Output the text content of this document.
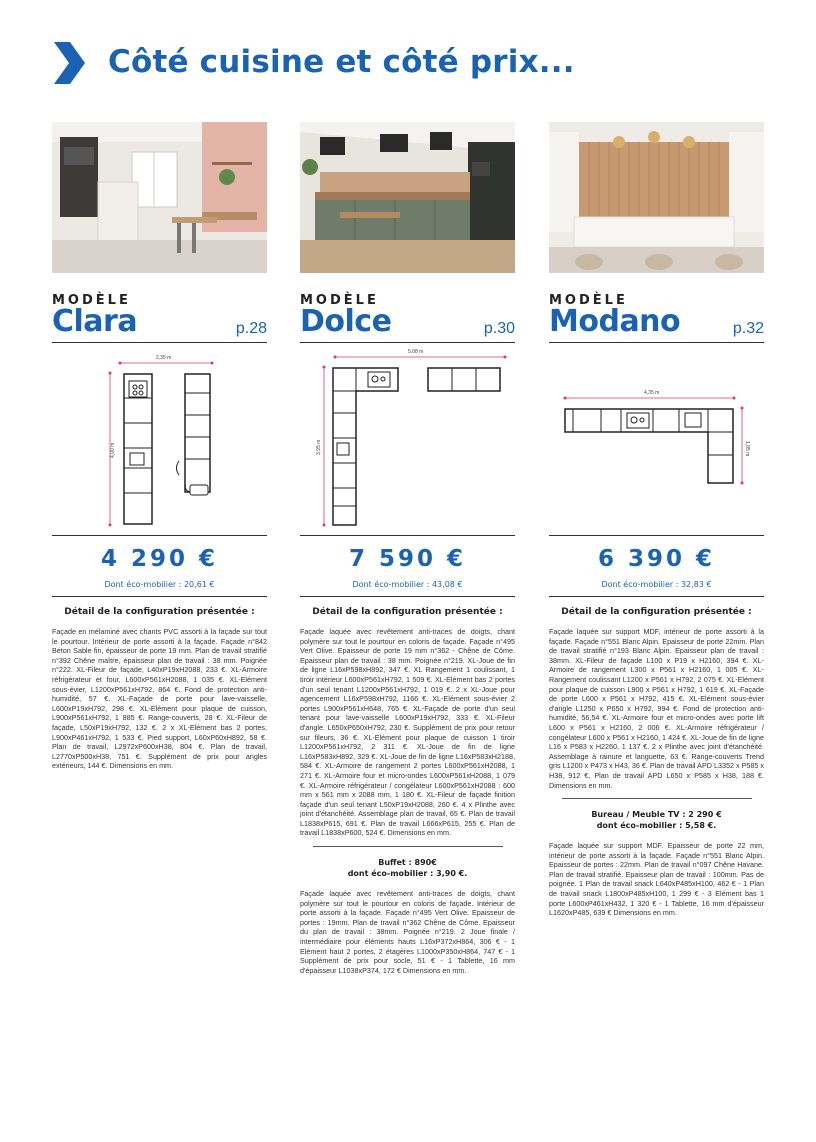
Côté cuisine et côté prix...
MODÈLE
Clara	p.28
2,35 m
4,00 m
4 290 €
Dont éco-mobilier : 20,61 €
Détail de la configuration présentée :
Façade en mélaminé avec chants PVC assorti à la façade sur tout le pourtour. Intérieur de porte assorti à la façade. Façade n°842 Béton Sable fin, épaisseur de porte 19 mm. Plan de travail stratifié n°392 Chêne maître, épaisseur plan de travail : 38 mm. Poignée n°222. XL-Fileur de façade, L40xP19xH2088, 233 €. XL-Armoire réfrigérateur et four, L600xP561xH2088, 1 035 €. XL-Elément sous-évier, L1200xP561xH792, 864 €. Fond de protection anti-humidité, 57 €. XL-Façade de porte pour lave-vaisselle, L600xP19xH792, 298 €. XL-Elément pour plaque de cuisson, L900xP561xH792, 1 885 €. Range-couverts, 28 €. XL-Fileur de façade, L50xP19xH792, 132 €. 2 x XL-Elément bas 2 portes, L900xP461xH792, 1 533 €. Pied support, L60xP60xH892, 58 €. Plan de travail, L2972xP600xH38, 804 €. Plan de travail, L2770xP500xH38, 751 €. Supplément de prix pour angles extérieurs, 144 €. Dimensions en mm.
MODÈLE
Dolce	p.30
5,08 m
3,95 m
7 590 €
Dont éco-mobilier : 43,08 €
Détail de la configuration présentée :
Façade laquée avec revêtement anti-traces de doigts, chant polymère sur tout le pourtour en coloris de façade. Façade n°495 Vert Olive. Epaisseur de porte 19 mm n°362 - Chêne de Côme. Epaisseur plan de travail : 38 mm. Poignée n°219. XL-Joue de fin de ligne L16xP598xH892, 347 €. XL Rangement 1 coulissant, 1 tiroir intérieur L600xP561xH792, 1 509 €. XL-Elément bas 2 portes d'un seul tenant L1200xP561xH792, 1 019 €. 2 x XL-Joue pour agencement L16xP598xH792, 1166 €. XL-Elément sous-évier 2 portes L900xP561xH648, 765 €. XL-Façade de porte d'un seul tenant pour lave-vaisselle L600xP19xH792, 333 €. XL-Fileur d'angle. L650xP650xH792, 230 €. Supplément de prix pour retour sur fileurs, 36 €. XL-Elément pour plaque de cuisson 1 tiroir L1200xP561xH792, 2 311 €. XL-Joue de fin de ligne L16xP583xH892, 329 €. XL-Joue de fin de ligne L16xP583xH2188, 584 €. XL-Armoire de rangement 2 portes L600xP561xH2088, 1 271 €. XL-Armoire four et micro-ondes L600xP561xH2088, 1 079 €. XL-Armoire réfrigérateur / congélateur L600xP561xH2088 : 600 mm x 561 mm x 2088 mm, 1 180 €. XL-Fileur de façade finition façade d'un seul tenant L50xP19xH2088, 260 €. 4 x Plinthe avec joint d'étanchéité. Assemblage plan de travail, 65 €. Plan de travail L1838xP615, 691 €. Plan de travail L666xP615, 255 €. Plan de travail L1838xP600, 524 €. Dimensions en mm.
Buffet : 890€
dont éco-mobilier : 3,90 €.
Façade laquée avec revêtement anti-traces de doigts, chant polymère sur tout le pourtour en coloris de façade. Intérieur de porte assorti à la façade. Façade n°495 Vert Olive. Epaisseur de portes : 19mm. Plan de travail n°362 Chêne de Côme. Epaisseur du plan de travail : 38mm. Poignée n°219. 2 Joue finale / intermédiaire pour éléments hauts L16xP372xH864, 306 € - 1 Elément haut 2 portes, 2 étagères L1000xP350xH864, 747 € - 1 Supplément de prix pour socle, 51 € - 1 Tablette, 16 mm d'épaisseur L1038xP374, 172 € Dimensions en mm.
MODÈLE
Modano	p.32
4,35 m
1,85 m
6 390 €
Dont éco-mobilier : 32,83 €
Détail de la configuration présentée :
Façade laquée sur support MDF, intérieur de porte assorti à la façade. Façade n°551 Blanc Alpin. Epaisseur de porte 22mm. Plan de travail stratifié n°193 Blanc Alpin. Epaisseur plan de travail : 38mm. XL-Fileur de façade L100 x P19 x H2160, 394 €. XL-Armoire de rangement L300 x P561 x H2160, 1 005 €. XL-Rangement coulissant L1200 x P561 x H792, 2 075 €. XL-Elément pour plaque de cuisson L900 x P561 x H792, 1 619 €. XL-Façade de porte L600 x P561 x H792, 415 €. XL-Elément sous-évier d'angle L1250 x P650 x H792, 994 €. Fond de protection anti-humidité, 56,54 €. XL-Armoire four et micro-ondes avec porte lift L600 x P561 x H2160, 2 006 €. XL-Armoire réfrigérateur / congélateur L600 x P561 x H2160, 1 424 €. XL-Joue de fin de ligne L16 x P583 x H2260, 1 137 €. 2 x Plinthe avec joint d'étanchéité. Assemblage à rainure et languette, 63 €. Range-couverts Trend gris L1200 x P473 x H43, 36 €. Plan de travail APD L3352 x P585 x H38, 912 €. Plan de travail APD L650 x P585 x H38, 188 €. Dimensions en mm.
Bureau / Meuble TV : 2 290 €
dont éco-mobilier : 5,58 €.
Façade laquée sur support MDF. Epaisseur de porte 22 mm, intérieur de porte assorti à la façade. Façade n°551 Blanc Alpin. Epaisseur de portes : 22mm. Plan de travail n°097 Chêne Havane. Plan de travail stratifié. Epaisseur plan de travail : 100mm. Pas de poignée. 1 Plan de travail snack L640xP485xH100, 462 € - 1 Plan de travail snack L1800xP485xH100, 1 299 € - 3 Elément bas 1 porte L600xP461xH432, 1 320 € - 1 Tablette, 16 mm d'épaisseur L1620xP485, 639 € Dimensions en mm.
